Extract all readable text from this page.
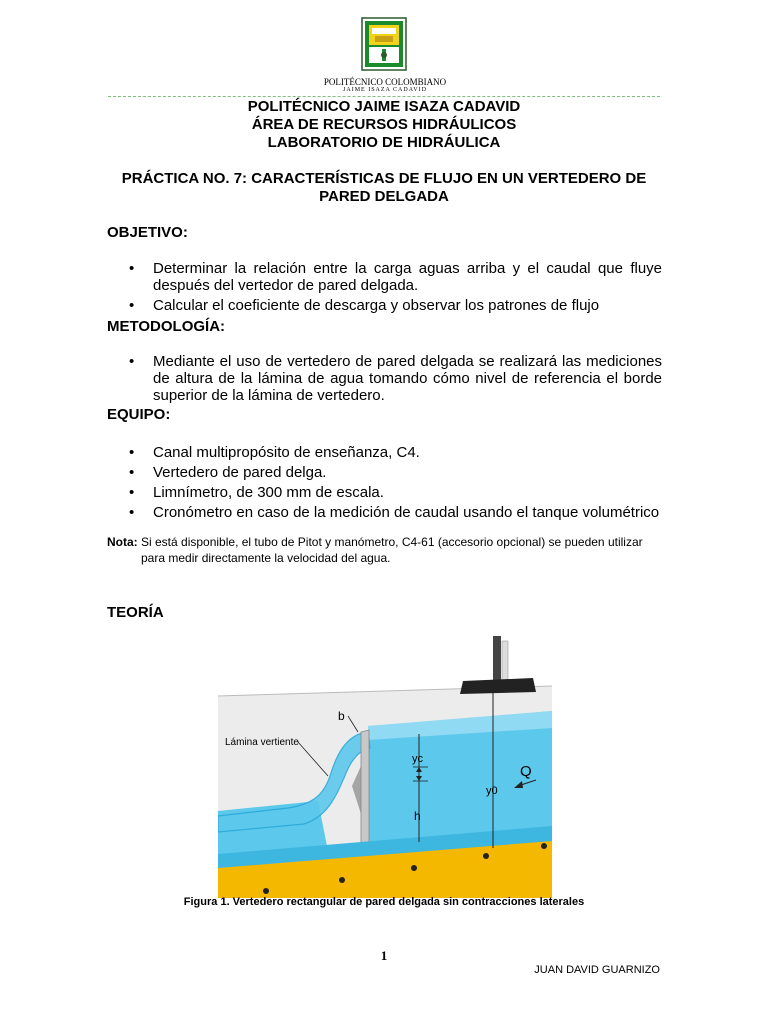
POLITÉCNICO COLOMBIANO
JAIME ISAZA CADAVID
POLITÉCNICO JAIME ISAZA CADAVID
ÁREA DE RECURSOS HIDRÁULICOS
LABORATORIO DE HIDRÁULICA
PRÁCTICA NO. 7: CARACTERÍSTICAS DE FLUJO EN UN VERTEDERO DE
PARED DELGADA
OBJETIVO:
• Determinar la relación entre la carga aguas arriba y el caudal que fluye después del vertedor de pared delgada.
• Calcular el coeficiente de descarga y observar los patrones de flujo
METODOLOGÍA:
• Mediante el uso de vertedero de pared delgada se realizará las mediciones de altura de la lámina de agua tomando cómo nivel de referencia el borde superior de la lámina de vertedero.
EQUIPO:
• Canal multipropósito de enseñanza, C4.
• Vertedero de pared delga.
• Limnímetro, de 300 mm de escala.
• Cronómetro en caso de la medición de caudal usando el tanque volumétrico
Nota: Si está disponible, el tubo de Pitot y manómetro, C4-61 (accesorio opcional) se pueden utilizar
para medir directamente la velocidad del agua.
TEORÍA
b
Lámina vertiente
yc
y0
h
Q
Figura 1. Vertedero rectangular de pared delgada sin contracciones laterales
1
JUAN DAVID GUARNIZO
